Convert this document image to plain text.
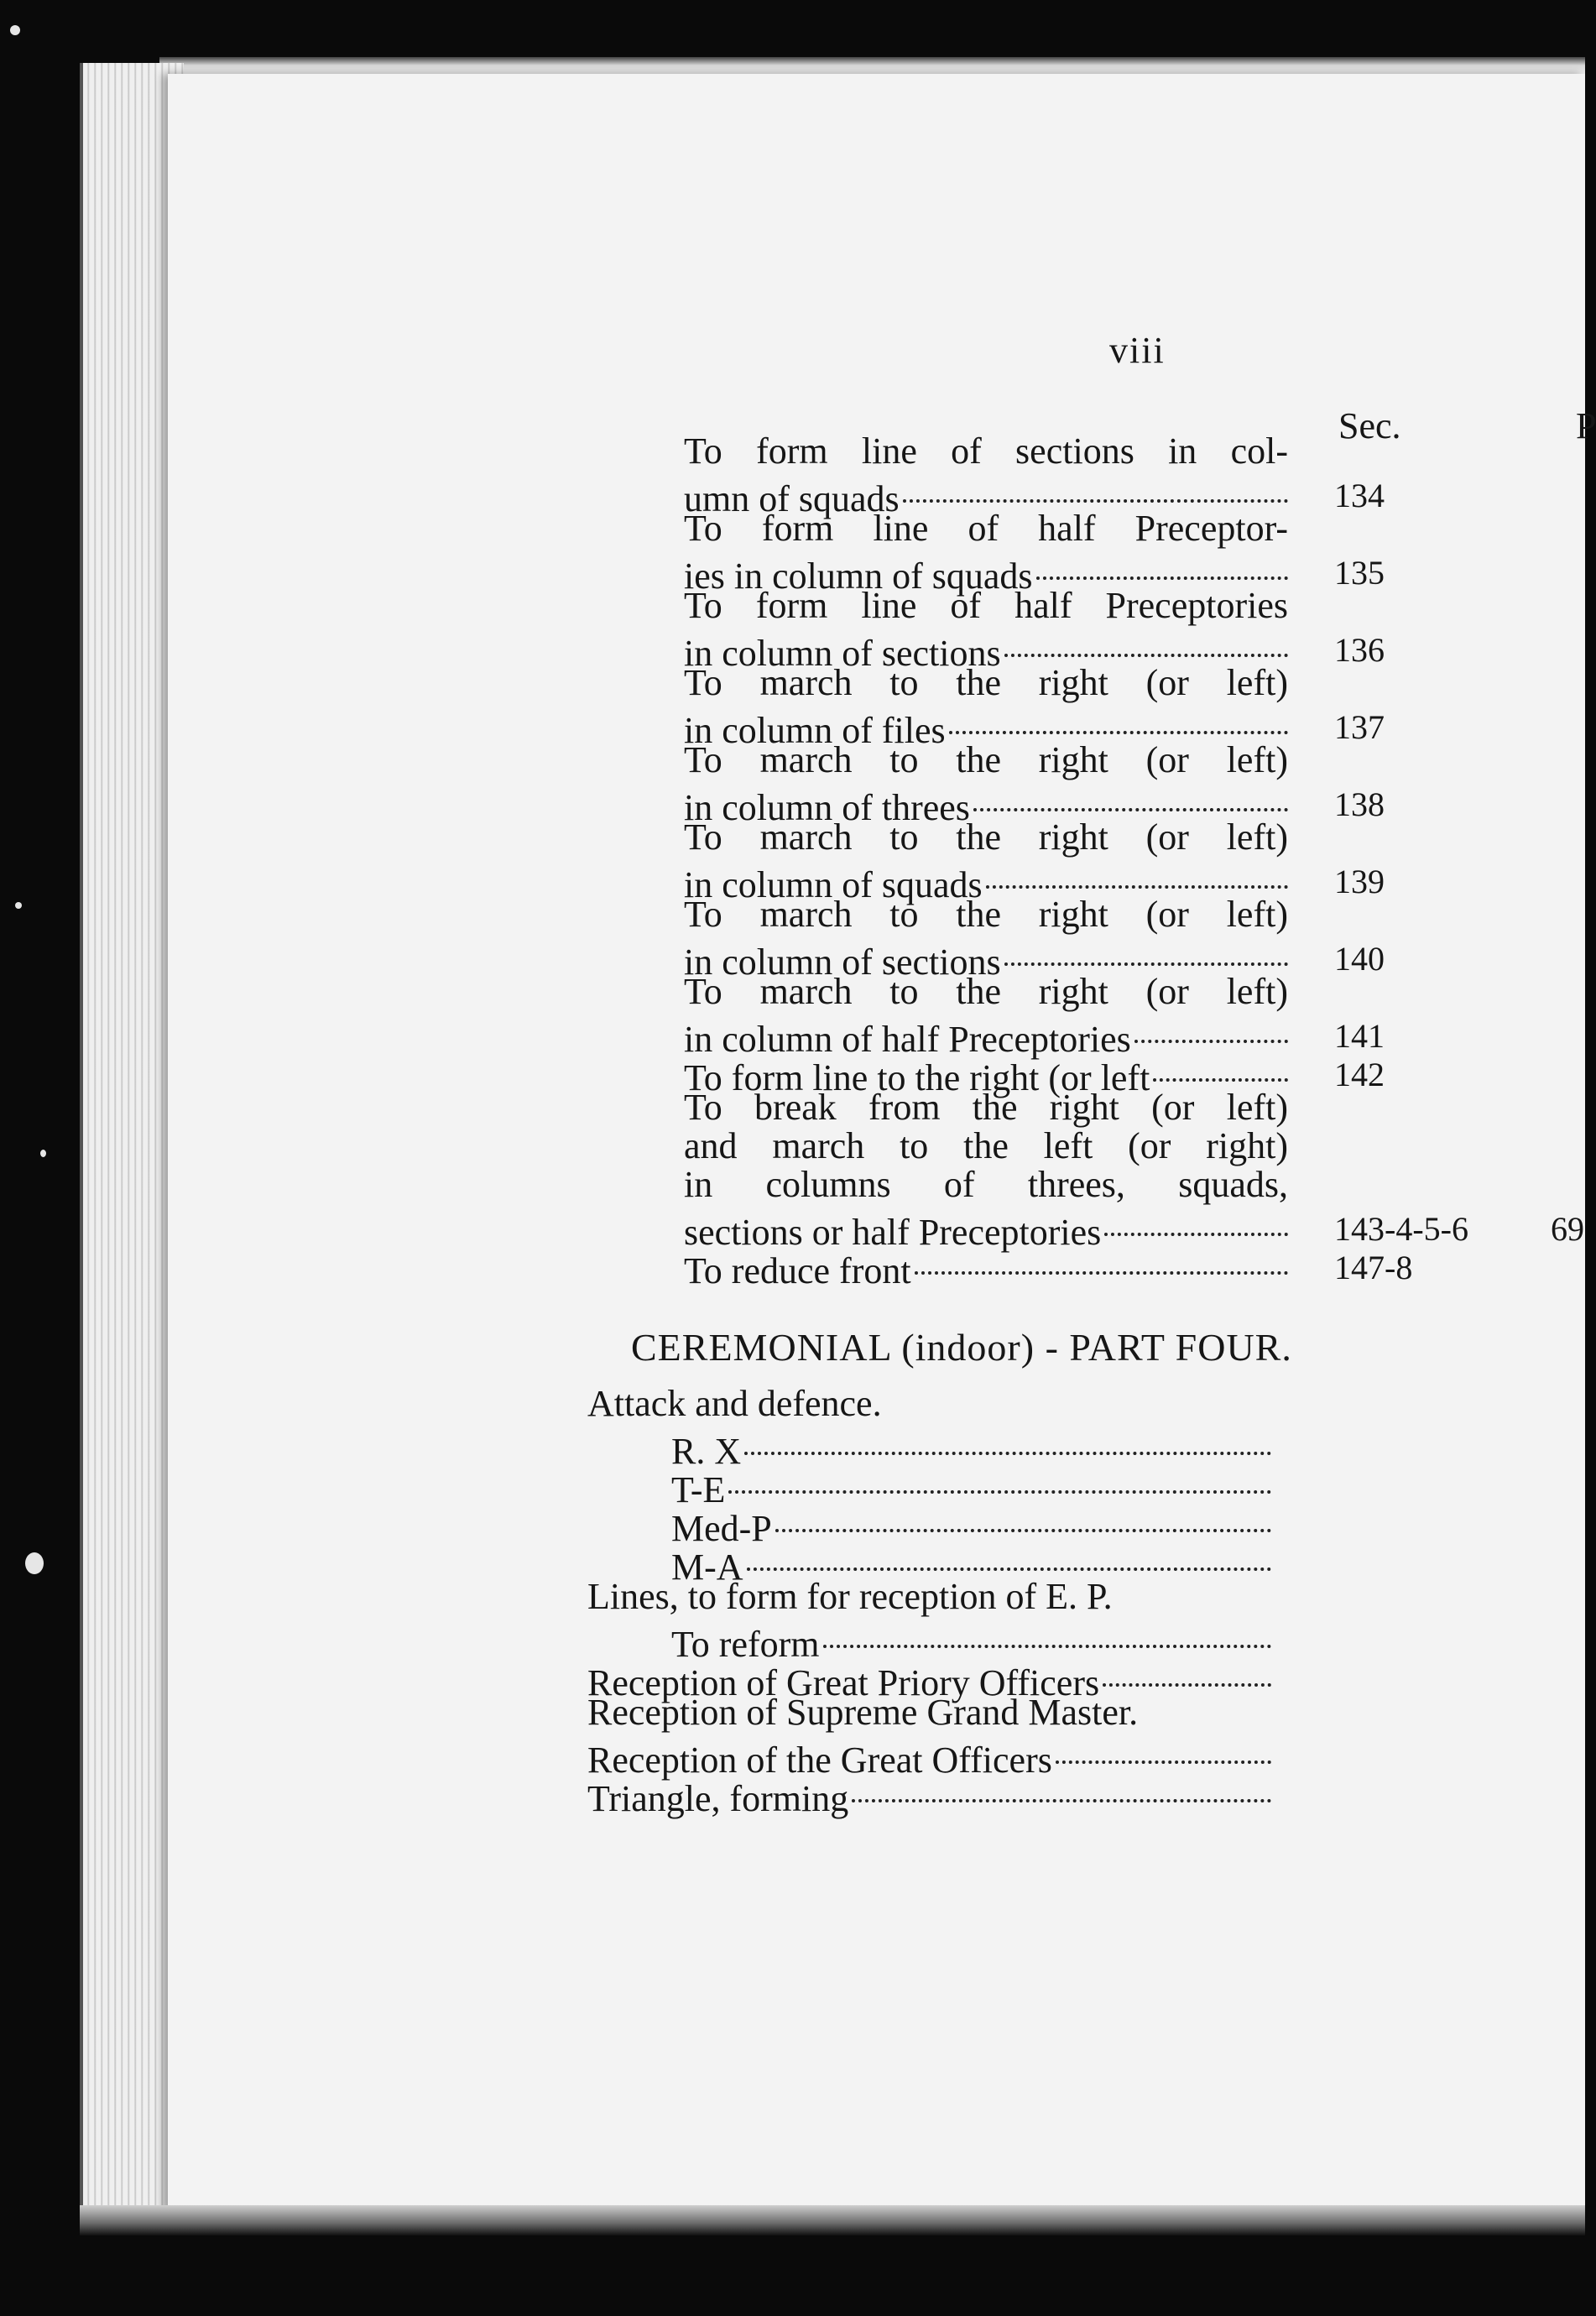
viii
Sec.	P
To form line of sections in col-
umn of squads	134
To form line of half Preceptor-
ies in column of squads	135
To form line of half Preceptories
in column of sections	136
To march to the right (or left)
in column of files	137
To march to the right (or left)
in column of threes	138
To march to the right (or left)
in column of squads	139
To march to the right (or left)
in column of sections	140
To march to the right (or left)
in column of half Preceptories	141
To form line to the right (or left	142
To break from the right (or left)
and march to the left (or right)
in columns of threes, squads,
sections or half Preceptories	143-4-5-6 69
To reduce front	147-8
CEREMONIAL (indoor) - PART FOUR.
Attack and defence.
R. X
T-E
Med-P
M-A
Lines, to form for reception of E. P.
To reform
Reception of Great Priory Officers
Reception of Supreme Grand Master.
Reception of the Great Officers
Triangle, forming
